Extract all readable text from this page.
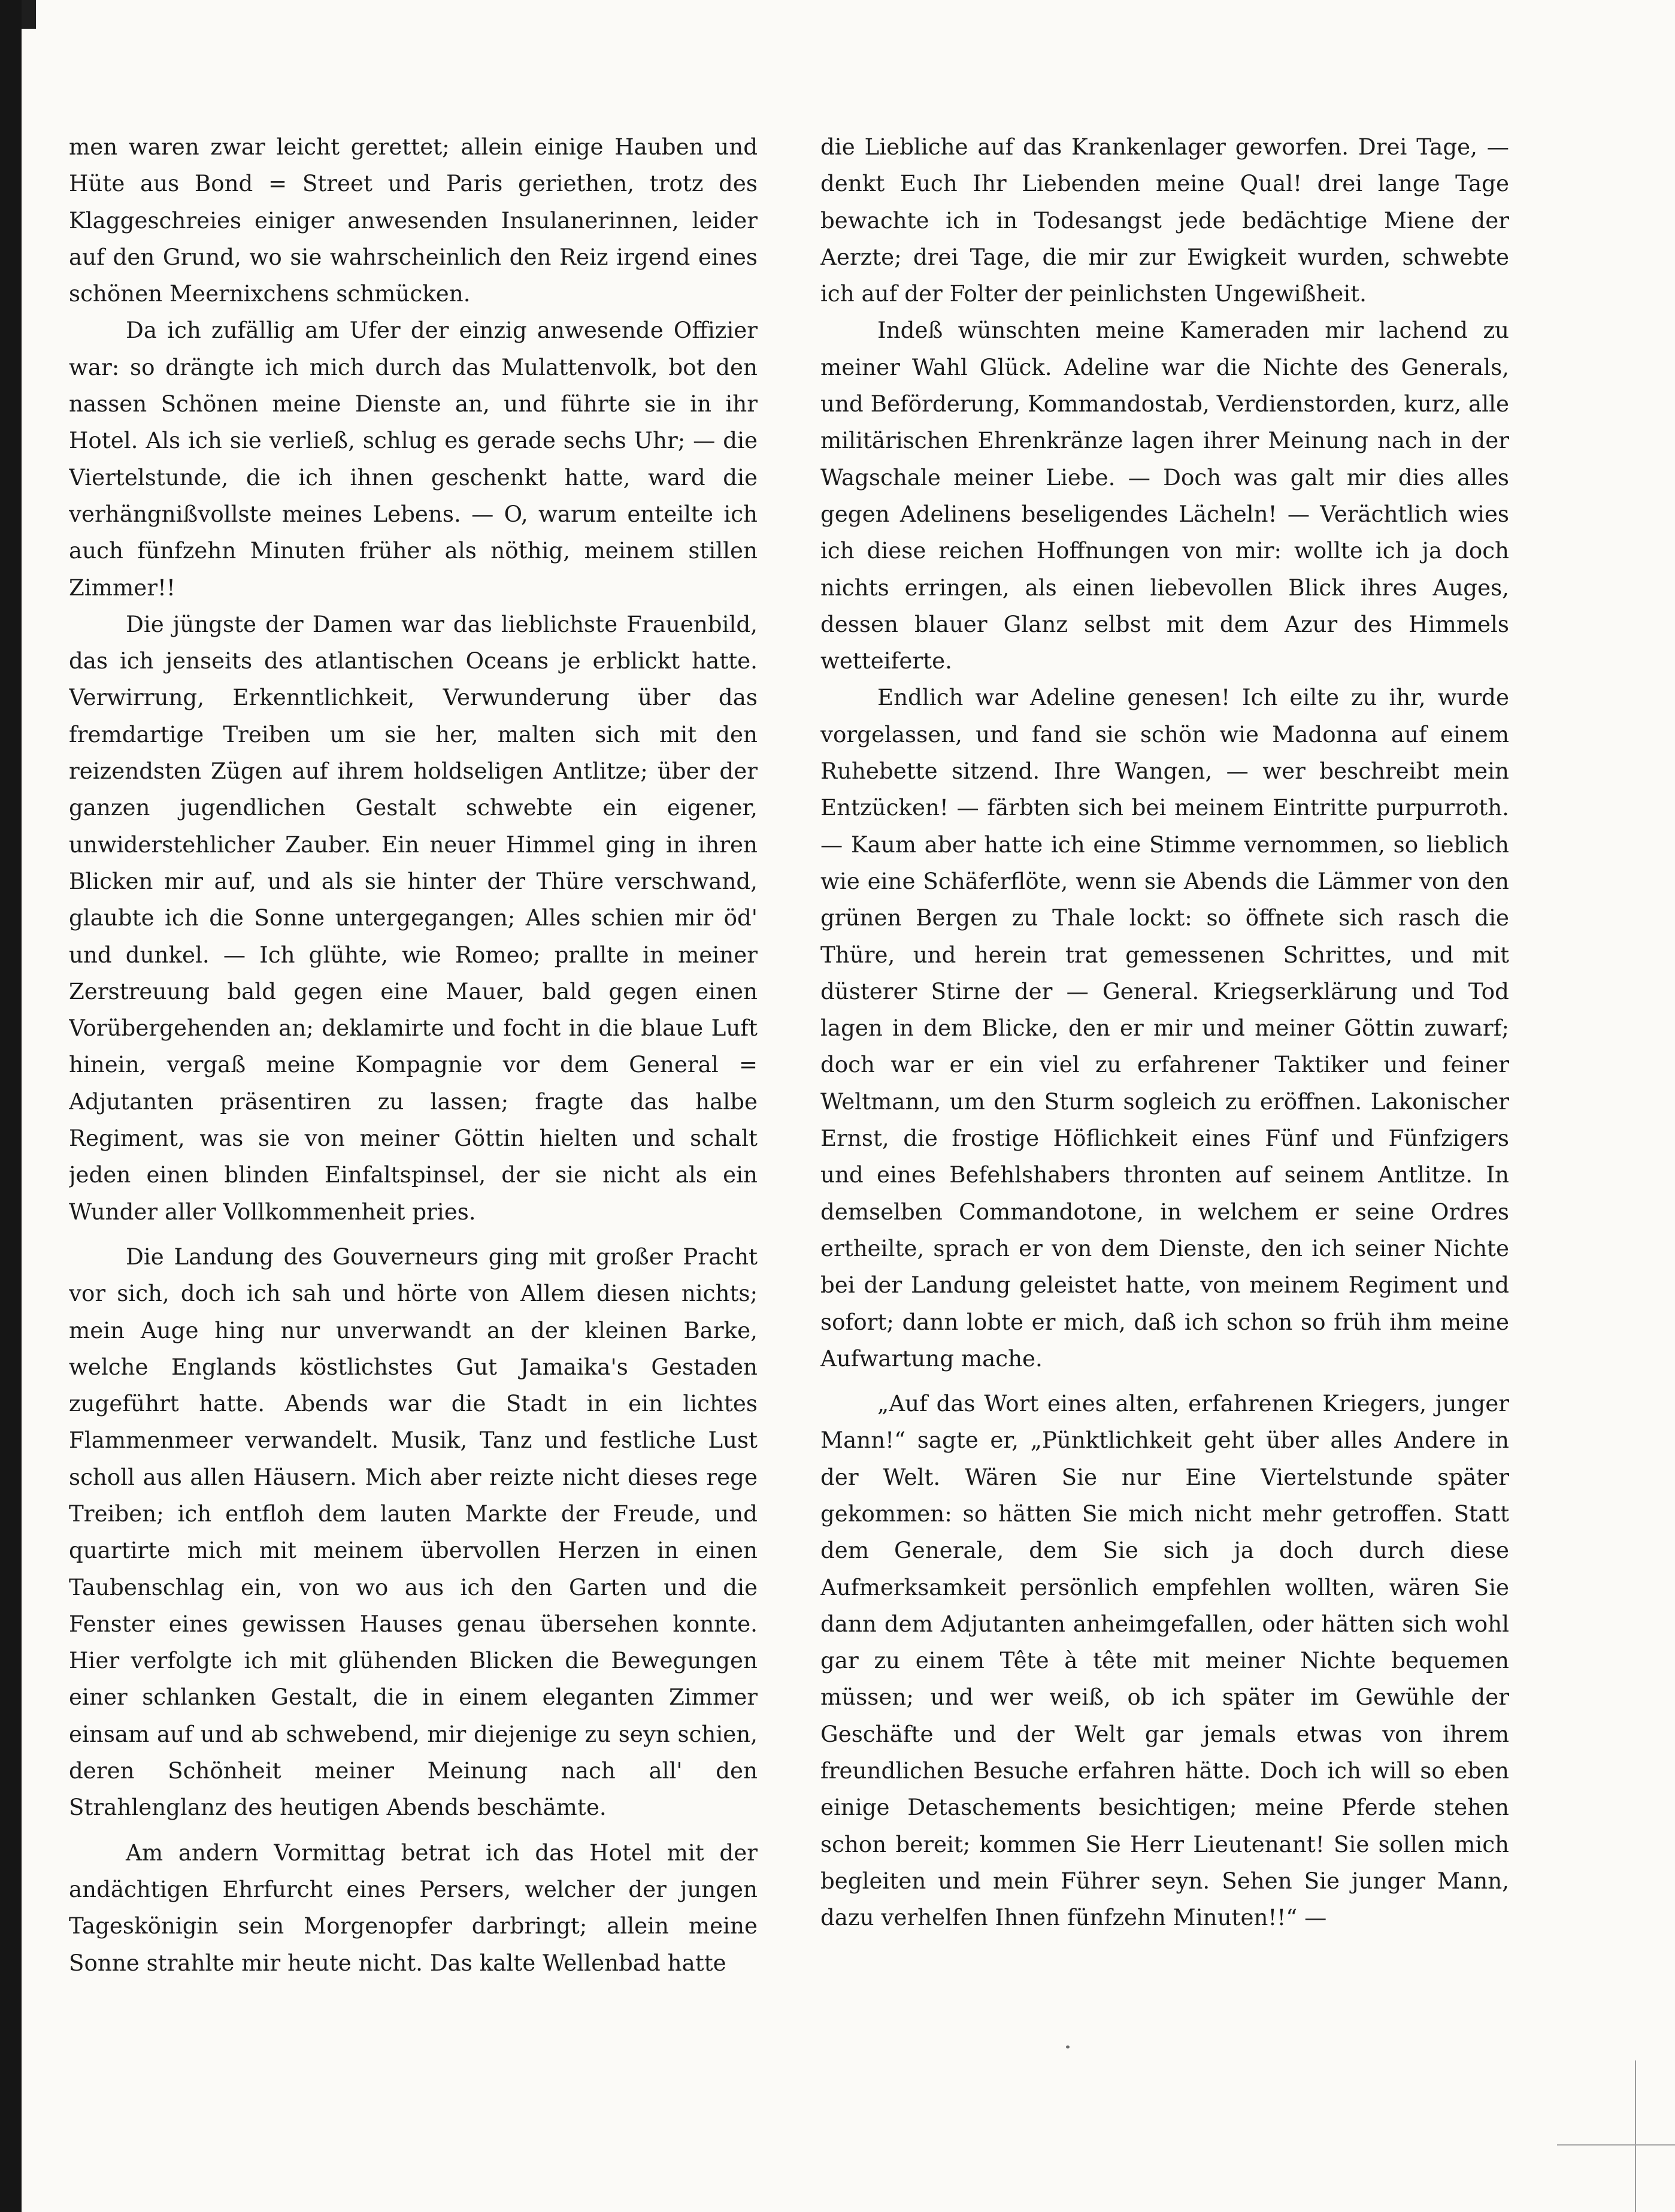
men waren zwar leicht gerettet; allein einige Hauben und Hüte aus Bond = Street und Paris geriethen, trotz des Klaggeschreies einiger anwesenden Insulanerinnen, leider auf den Grund, wo sie wahrscheinlich den Reiz irgend eines schönen Meernixchens schmücken.

Da ich zufällig am Ufer der einzig anwesende Offizier war: so drängte ich mich durch das Mulattenvolk, bot den nassen Schönen meine Dienste an, und führte sie in ihr Hotel. Als ich sie verließ, schlug es gerade sechs Uhr; — die Viertelstunde, die ich ihnen geschenkt hatte, ward die verhängnißvollste meines Lebens. — O, warum enteilte ich auch fünfzehn Minuten früher als nöthig, meinem stillen Zimmer!!

Die jüngste der Damen war das lieblichste Frauenbild, das ich jenseits des atlantischen Oceans je erblickt hatte. Verwirrung, Erkenntlichkeit, Verwunderung über das fremdartige Treiben um sie her, malten sich mit den reizendsten Zügen auf ihrem holdseligen Antlitze; über der ganzen jugendlichen Gestalt schwebte ein eigener, unwiderstehlicher Zauber. Ein neuer Himmel ging in ihren Blicken mir auf, und als sie hinter der Thüre verschwand, glaubte ich die Sonne untergegangen; Alles schien mir öd' und dunkel. — Ich glühte, wie Romeo; prallte in meiner Zerstreuung bald gegen eine Mauer, bald gegen einen Vorübergehenden an; deklamirte und focht in die blaue Luft hinein, vergaß meine Kompagnie vor dem General = Adjutanten präsentiren zu lassen; fragte das halbe Regiment, was sie von meiner Göttin hielten und schalt jeden einen blinden Einfaltspinsel, der sie nicht als ein Wunder aller Vollkommenheit pries.

Die Landung des Gouverneurs ging mit großer Pracht vor sich, doch ich sah und hörte von Allem diesen nichts; mein Auge hing nur unverwandt an der kleinen Barke, welche Englands köstlichstes Gut Jamaika's Gestaden zugeführt hatte. Abends war die Stadt in ein lichtes Flammenmeer verwandelt. Musik, Tanz und festliche Lust scholl aus allen Häusern. Mich aber reizte nicht dieses rege Treiben; ich entfloh dem lauten Markte der Freude, und quartirte mich mit meinem übervollen Herzen in einen Taubenschlag ein, von wo aus ich den Garten und die Fenster eines gewissen Hauses genau übersehen konnte. Hier verfolgte ich mit glühenden Blicken die Bewegungen einer schlanken Gestalt, die in einem eleganten Zimmer einsam auf und ab schwebend, mir diejenige zu seyn schien, deren Schönheit meiner Meinung nach all' den Strahlenglanz des heutigen Abends beschämte.

Am andern Vormittag betrat ich das Hotel mit der andächtigen Ehrfurcht eines Persers, welcher der jungen Tageskönigin sein Morgenopfer darbringt; allein meine Sonne strahlte mir heute nicht. Das kalte Wellenbad hatte

die Liebliche auf das Krankenlager geworfen. Drei Tage, — denkt Euch Ihr Liebenden meine Qual! drei lange Tage bewachte ich in Todesangst jede bedächtige Miene der Aerzte; drei Tage, die mir zur Ewigkeit wurden, schwebte ich auf der Folter der peinlichsten Ungewißheit.

Indeß wünschten meine Kameraden mir lachend zu meiner Wahl Glück. Adeline war die Nichte des Generals, und Beförderung, Kommandostab, Verdienstorden, kurz, alle militärischen Ehrenkränze lagen ihrer Meinung nach in der Wagschale meiner Liebe. — Doch was galt mir dies alles gegen Adelinens beseligendes Lächeln! — Verächtlich wies ich diese reichen Hoffnungen von mir: wollte ich ja doch nichts erringen, als einen liebevollen Blick ihres Auges, dessen blauer Glanz selbst mit dem Azur des Himmels wetteiferte.

Endlich war Adeline genesen! Ich eilte zu ihr, wurde vorgelassen, und fand sie schön wie Madonna auf einem Ruhebette sitzend. Ihre Wangen, — wer beschreibt mein Entzücken! — färbten sich bei meinem Eintritte purpurroth. — Kaum aber hatte ich eine Stimme vernommen, so lieblich wie eine Schäferflöte, wenn sie Abends die Lämmer von den grünen Bergen zu Thale lockt: so öffnete sich rasch die Thüre, und herein trat gemessenen Schrittes, und mit düsterer Stirne der — General. Kriegserklärung und Tod lagen in dem Blicke, den er mir und meiner Göttin zuwarf; doch war er ein viel zu erfahrener Taktiker und feiner Weltmann, um den Sturm sogleich zu eröffnen. Lakonischer Ernst, die frostige Höflichkeit eines Fünf und Fünfzigers und eines Befehlshabers thronten auf seinem Antlitze. In demselben Commandotone, in welchem er seine Ordres ertheilte, sprach er von dem Dienste, den ich seiner Nichte bei der Landung geleistet hatte, von meinem Regiment und sofort; dann lobte er mich, daß ich schon so früh ihm meine Aufwartung mache.

„Auf das Wort eines alten, erfahrenen Kriegers, junger Mann!“ sagte er, „Pünktlichkeit geht über alles Andere in der Welt. Wären Sie nur Eine Viertelstunde später gekommen: so hätten Sie mich nicht mehr getroffen. Statt dem Generale, dem Sie sich ja doch durch diese Aufmerksamkeit persönlich empfehlen wollten, wären Sie dann dem Adjutanten anheimgefallen, oder hätten sich wohl gar zu einem Tête à tête mit meiner Nichte bequemen müssen; und wer weiß, ob ich später im Gewühle der Geschäfte und der Welt gar jemals etwas von ihrem freundlichen Besuche erfahren hätte. Doch ich will so eben einige Detaschements besichtigen; meine Pferde stehen schon bereit; kommen Sie Herr Lieutenant! Sie sollen mich begleiten und mein Führer seyn. Sehen Sie junger Mann, dazu verhelfen Ihnen fünfzehn Minuten!!“ —
